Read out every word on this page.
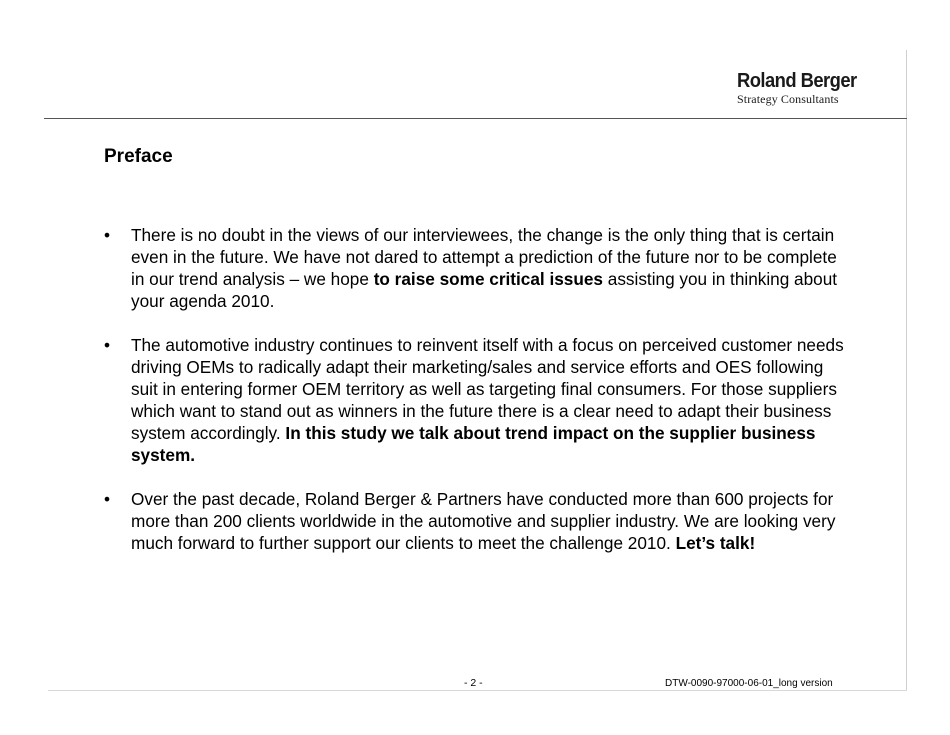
Roland Berger
Strategy Consultants
Preface
• There is no doubt in the views of our interviewees, the change is the only thing that is certain even in the future. We have not dared to attempt a prediction of the future nor to be complete in our trend analysis – we hope to raise some critical issues assisting you in thinking about your agenda 2010.
• The automotive industry continues to reinvent itself with a focus on perceived customer needs driving OEMs to radically adapt their marketing/sales and service efforts and OES following suit in entering former OEM territory as well as targeting final consumers. For those suppliers which want to stand out as winners in the future there is a clear need to adapt their business system accordingly. In this study we talk about trend impact on the supplier business system.
• Over the past decade, Roland Berger & Partners have conducted more than 600 projects for more than 200 clients worldwide in the automotive and supplier industry. We are looking very much forward to further support our clients to meet the challenge 2010. Let’s talk!
- 2 -	DTW-0090-97000-06-01_long version
